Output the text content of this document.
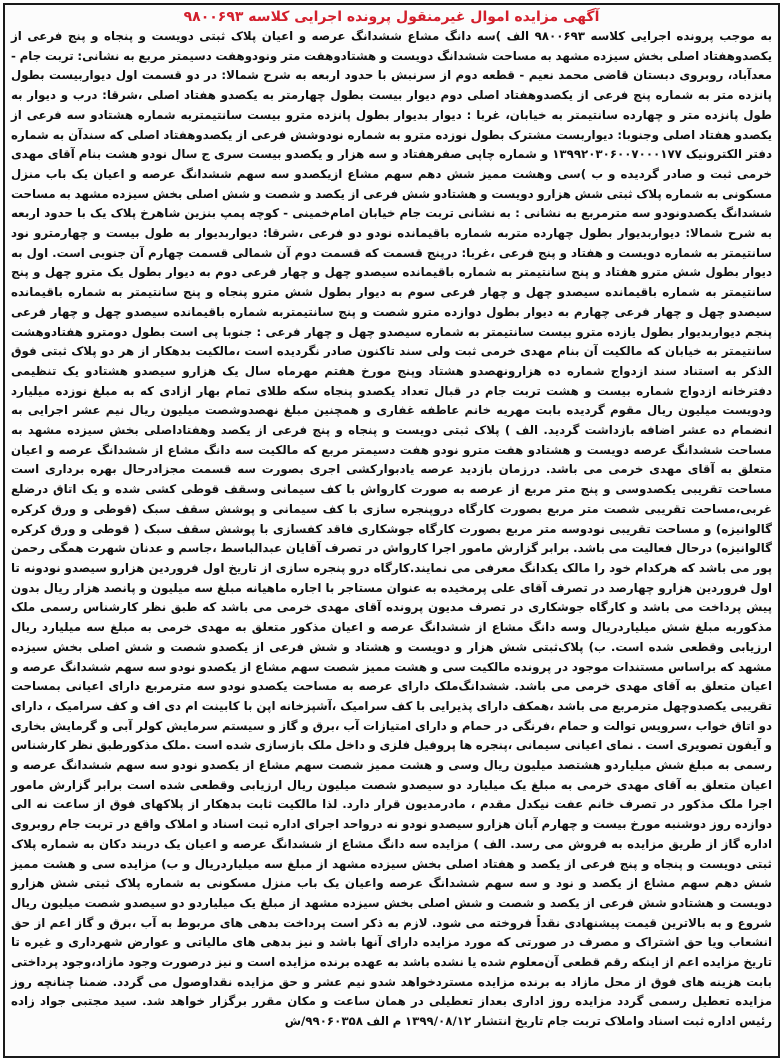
آگهی مزایده اموال غیرمنقول پرونده اجرایی کلاسه ۹۸۰۰۶۹۳
به موجب پرونده اجرایی کلاسه ۹۸۰۰۶۹۳ الف )سه دانگ مشاع ششدانگ عرصه و اعیان پلاک ثبتی دویست و پنجاه و پنج فرعی از یکصدوهفتاد اصلی بخش سیزده مشهد به مساحت ششدانگ دویست و هشتادوهفت متر ونودوهفت دسیمتر مربع به نشانی: تربت جام - معدآباد، روبروی دبستان قاضی محمد نعیم - قطعه دوم از سرنبش با حدود اربعه به شرح شمالا: در دو قسمت اول دیواربیست بطول پانزده متر به شماره پنج فرعی از یکصدوهفتاد اصلی دوم دیوار بیست بطول چهارمتر به یکصدو هفتاد اصلی ،شرقا: درب و دیوار به طول پانزده متر و چهارده سانتیمتر به خیابان، غربا : دیوار بدیوار بطول پانزده مترو بیست سانتیمتربه شماره هشتادو سه فرعی از یکصدو هفتاد اصلی وجنوبا: دیواربست مشترک بطول نوزده مترو به شماره نودوشش فرعی از یکصدوهفتاد اصلی که سندآن به شماره دفتر الکترونیک ۱۳۹۹۲۰۳۰۶۰۰۷۰۰۰۱۷۷ و شماره چاپی صفرهفتاد و سه هزار و یکصدو بیست سری ج سال نودو هشت بنام آقای مهدی خرمی ثبت و صادر گردیده و ب )سی وهشت ممیز شش دهم سهم مشاع ازیکصدو سه سهم ششدانگ عرصه و اعیان یک باب منزل مسکونی به شماره پلاک ثبتی شش هزارو دویست و هشتادو شش فرعی از یکصد و شصت و شش اصلی بخش سیزده مشهد به مساحت ششدانگ یکصدونودو سه مترمربع به نشانی : به نشانی تربت جام خیابان امام‌خمینی - کوچه پمپ بنزین شاهرخ پلاک یک با حدود اربعه به شرح شمالا: دیواربدیوار بطول چهارده متربه شماره باقیمانده نودو دو فرعی ،شرقا: دیواربدیوار به طول بیست و چهارمترو نود سانتیمتر به شماره دویست و هفتاد و پنج فرعی ،غربا: درپنج قسمت که قسمت دوم آن شمالی قسمت چهارم آن جنوبی است. اول به دیوار بطول شش مترو هفتاد و پنج سانتیمتر به شماره باقیمانده سیصدو چهل و چهار فرعی دوم به دیوار بطول یک مترو چهل و پنج سانتیمتر به شماره باقیمانده سیصدو چهل و چهار فرعی سوم به دیوار بطول شش مترو پنجاه و پنج سانتیمتر به شماره باقیمانده سیصدو چهل و چهار فرعی چهارم به دیوار بطول دوازده مترو شصت و پنج سانتیمتربه شماره باقیمانده سیصدو چهل و چهار فرعی پنجم دیواربدیوار بطول یازده مترو بیست سانتیمتر به شماره سیصدو چهل و چهار فرعی : جنوبا پی است بطول دومترو هفتادوهشت سانتیمتر به خیابان که مالکیت آن بنام مهدی خرمی ثبت ولی سند تاکنون صادر نگردیده است ،مالکیت بدهکار از هر دو پلاک ثبتی فوق الذکر به استناد سند ازدواج شماره ده هزارونهصدو هشتاد وپنج مورخ هفتم مهرماه سال یک هزارو سیصدو هشتادو یک تنظیمی دفترخانه ازدواج شماره بیست و هشت تربت جام در قبال تعداد یکصدو پنجاه سکه طلای تمام بهار ازادی که به مبلغ نوزده میلیارد ودویست میلیون ریال مقوم گردیده بابت مهریه خانم عاطفه غفاری و همچنین مبلغ نهصدوشصت میلیون ریال نیم عشر اجرایی به انضمام ده عشر اضافه بازداشت گردید. الف ) پلاک ثبتی دویست و پنجاه و پنج فرعی از یکصد وهفتاداصلی بخش سیزده مشهد به مساحت ششدانگ عرصه دویست و هشتادو هفت مترو نودو هفت دسیمتر مربع که مالکیت سه دانگ مشاع از ششدانگ عرصه و اعیان متعلق به آقای مهدی خرمی می باشد. درزمان بازدید عرصه یادبوارکشی اجری بصورت سه قسمت مجزادرحال بهره برداری است مساحت تقریبی یکصدوسی و پنج متر مربع از عرصه به صورت کارواش با کف سیمانی وسقف قوطی کشی شده و یک اتاق درضلع غربی،مساحت تقریبی شصت متر مربع بصورت کارگاه دروپنجره سازی با کف سیمانی و پوشش سقف سبک (قوطی و ورق کرکره گالوانیزه) و مساحت تقریبی نودوسه متر مربع بصورت کارگاه جوشکاری فاقد کفسازی با پوشش سقف سبک ( قوطی و ورق کرکره گالوانیزه) درحال فعالیت می باشد. برابر گزارش مامور اجرا کارواش در تصرف آقایان عبدالباسط ،جاسم و عدنان شهرت همگی رحمن پور می باشد که هرکدام خود را مالک یکدانگ معرفی می نمایند.کارگاه درو پنجره سازی از تاریخ اول فروردین هزارو سیصدو نودونه تا اول فروردین هزارو چهارصد در تصرف آقای علی پرمخیده به عنوان مستاجر با اجاره ماهیانه مبلغ سه میلیون و پانصد هزار ریال بدون پیش پرداخت می باشد و کارگاه جوشکاری در تصرف مدیون پرونده آقای مهدی خرمی می باشد که طبق نظر کارشناس رسمی ملک مذکوربه مبلغ شش میلیاردریال وسه دانگ مشاع از ششدانگ عرصه و اعیان مذکور متعلق به مهدی خرمی به مبلغ سه میلیارد ریال ارزیابی وقطعی شده است. ب) پلاک‌ثبتی شش هزار و دویست و هشتاد و شش فرعی از یکصدو شصت و شش اصلی بخش سیزده مشهد که براساس مستندات موجود در پرونده مالکیت سی و هشت ممیز شصت سهم مشاع از یکصدو نودو سه سهم ششدانگ عرصه و اعیان متعلق به آقای مهدی خرمی می باشد. ششدانگ‌ملک دارای عرصه به مساحت یکصدو نودو سه مترمربع دارای اعیانی بمساحت تقریبی یکصدوچهل مترمربع می باشد ،همکف دارای پذیرایی با کف سرامیک ،آشپزخانه اپن با کابینت ام دی اف و کف سرامیک ، دارای دو اتاق خواب ،سرویس توالت و حمام ،فرنگی در حمام و دارای امتیازات آب ،برق و گاز و سیستم سرمایش کولر آبی و گرمایش بخاری و آیفون تصویری است . نمای اعیانی سیمانی ،پنجره ها پروفیل فلزی و داخل ملک بازسازی شده است .ملک مذکورطبق نظر کارشناس رسمی به مبلغ شش میلیاردو هشتصد میلیون ریال وسی و هشت ممیز شصت سهم مشاع از یکصدو نودو سه سهم ششدانگ عرصه و اعیان متعلق به آقای مهدی خرمی به مبلغ یک میلیارد دو سیصدو شصت میلیون ریال ارزیابی وقطعی شده است برابر گزارش مامور اجرا ملک مذکور در تصرف خانم عفت نیکدل مقدم ، مادرمدیون قرار دارد. لذا مالکیت ثابت بدهکار از پلاکهای فوق از ساعت نه الی دوازده روز دوشنبه مورخ بیست و چهارم آبان هزارو سیصدو نودو نه درواحد اجرای اداره ثبت اسناد و املاک واقع در تربت جام روبروی اداره گاز از طریق مزایده به فروش می رسد. الف ) مزایده سه دانگ مشاع از ششدانگ عرصه و اعیان یک دربند دکان به شماره پلاک ثبتی دویست و پنجاه و پنج فرعی از یکصد و هفتاد اصلی بخش سیزده مشهد از مبلغ سه میلیاردریال و ب) مزایده سی و هشت ممیز شش دهم سهم مشاع از یکصد و نود و سه سهم ششدانگ عرصه واعیان یک باب منزل مسکونی به شماره پلاک ثبتی شش هزارو دویست و هشتادو شش فرعی از یکصد و شصت و شش اصلی بخش سیزده مشهد از مبلغ یک میلیاردو دو سیصدو شصت میلیون ریال شروع و به بالاترین قیمت پیشنهادی نقداً فروخته می شود. لازم به ذکر است پرداخت بدهی های مربوط به آب ،برق و گاز اعم از حق انشعاب ویا حق اشتراک و مصرف در صورتی که مورد مزایده دارای آنها باشد و نیز بدهی های مالیاتی و عوارض شهرداری و غیره تا تاریخ مزایده اعم از اینکه رقم قطعی آن‌معلوم شده یا نشده باشد به عهده برنده مزایده است و نیز درصورت وجود مازاد،وجود پرداختی بابت هزینه های فوق از محل مازاد به برنده مزایده مستردخواهد شدو نیم عشر و حق مزایده نقداوصول می گردد. ضمنا چنانچه روز مزایده تعطیل رسمی گردد مزایده روز اداری بعداز تعطیلی در همان ساعت و مکان مقرر برگزار خواهد شد. سید مجتبی جواد زاده رئیس اداره ثبت اسناد واملاک تربت جام تاریخ انتشار ۱۳۹۹/۰۸/۱۲ م الف ۹۹۰۶۰۳۵۸/ش
